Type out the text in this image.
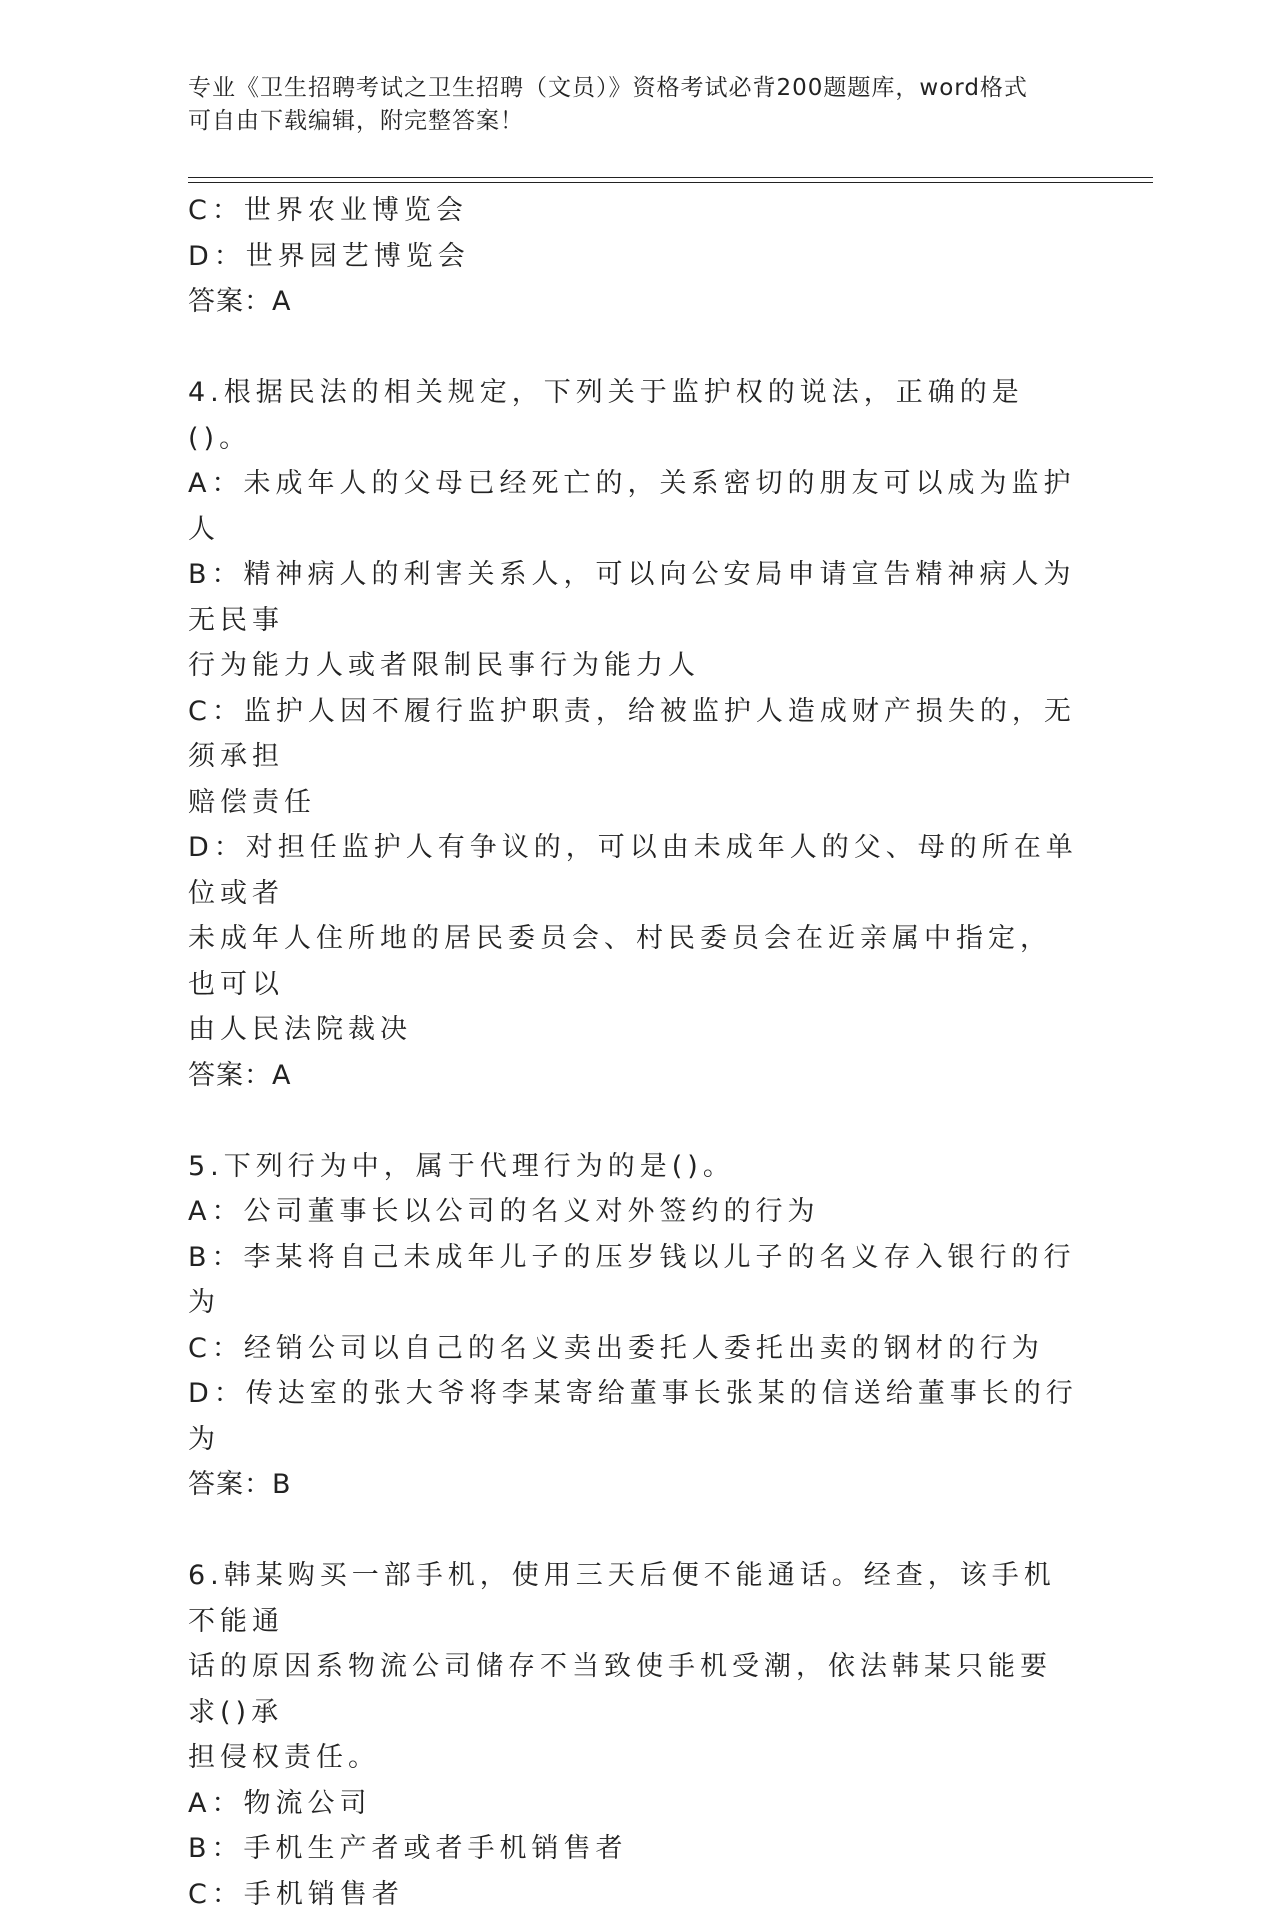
专业《卫生招聘考试之卫生招聘（文员）》资格考试必背200题题库，word格式
可自由下载编辑，附完整答案！

C：世界农业博览会

D：世界园艺博览会

答案：A

4.根据民法的相关规定，下列关于监护权的说法，正确的是()。

A：未成年人的父母已经死亡的，关系密切的朋友可以成为监护人

B：精神病人的利害关系人，可以向公安局申请宣告精神病人为无民事

行为能力人或者限制民事行为能力人

C：监护人因不履行监护职责，给被监护人造成财产损失的，无须承担

赔偿责任

D：对担任监护人有争议的，可以由未成年人的父、母的所在单位或者

未成年人住所地的居民委员会、村民委员会在近亲属中指定，也可以

由人民法院裁决

答案：A

5.下列行为中，属于代理行为的是()。

A：公司董事长以公司的名义对外签约的行为

B：李某将自己未成年儿子的压岁钱以儿子的名义存入银行的行为

C：经销公司以自己的名义卖出委托人委托出卖的钢材的行为

D：传达室的张大爷将李某寄给董事长张某的信送给董事长的行为

答案：B

6.韩某购买一部手机，使用三天后便不能通话。经查，该手机不能通

话的原因系物流公司储存不当致使手机受潮，依法韩某只能要求()承

担侵权责任。

A：物流公司

B：手机生产者或者手机销售者

C：手机销售者
